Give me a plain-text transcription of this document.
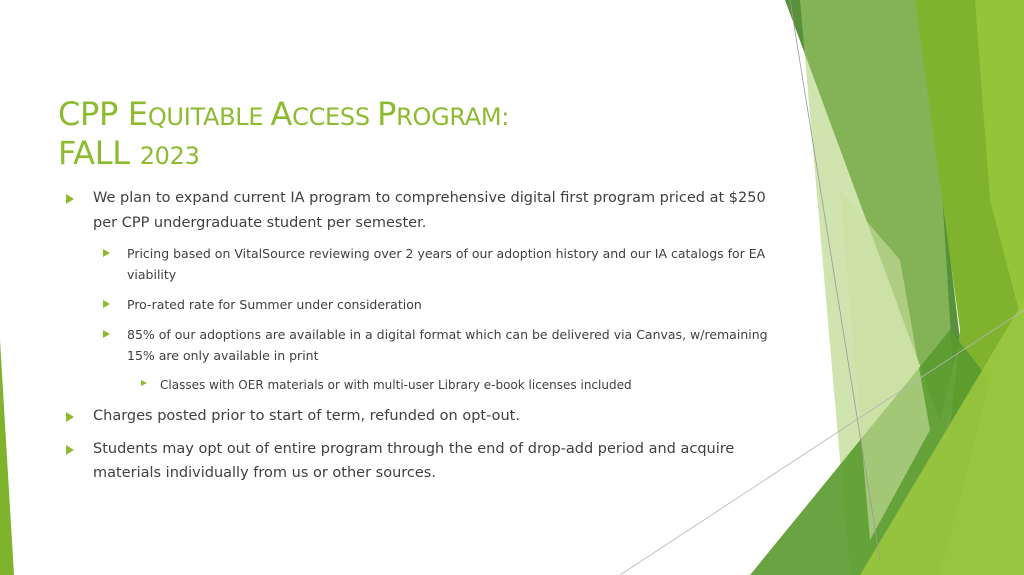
CPP EQUITABLE ACCESS PROGRAM:
FALL 2023
We plan to expand current IA program to comprehensive digital first program priced at $250 per CPP undergraduate student per semester.
Pricing based on VitalSource reviewing over 2 years of our adoption history and our IA catalogs for EA viability
Pro-rated rate for Summer under consideration
85% of our adoptions are available in a digital format which can be delivered via Canvas, w/remaining 15% are only available in print
Classes with OER materials or with multi-user Library e-book licenses included
Charges posted prior to start of term, refunded on opt-out.
Students may opt out of entire program through the end of drop-add period and acquire materials individually from us or other sources.
